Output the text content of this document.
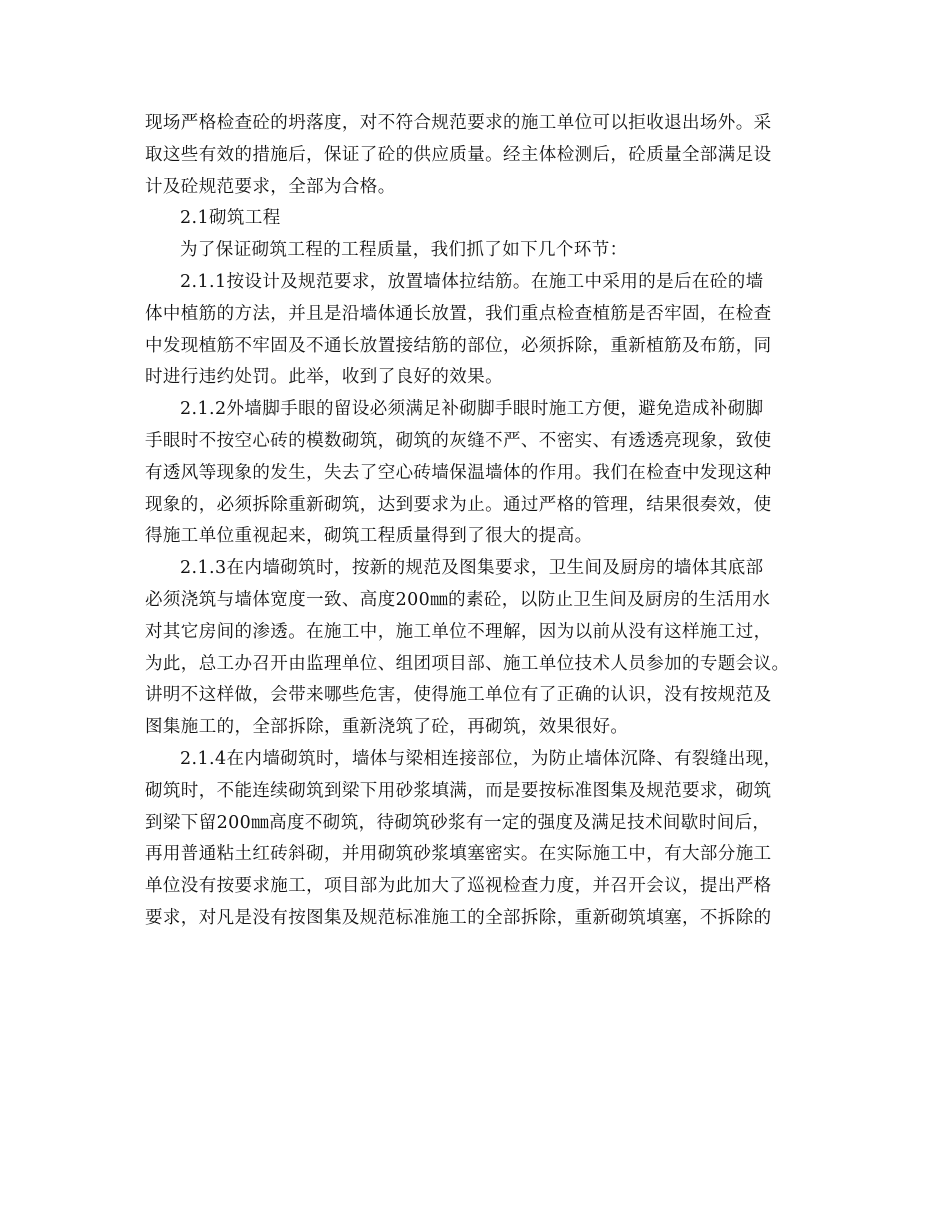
现场严格检查砼的坍落度，对不符合规范要求的施工单位可以拒收退出场外。采
取这些有效的措施后，保证了砼的供应质量。经主体检测后，砼质量全部满足设
计及砼规范要求，全部为合格。
2.1砌筑工程
为了保证砌筑工程的工程质量，我们抓了如下几个环节：
2.1.1按设计及规范要求，放置墙体拉结筋。在施工中采用的是后在砼的墙
体中植筋的方法，并且是沿墙体通长放置，我们重点检查植筋是否牢固，在检查
中发现植筋不牢固及不通长放置接结筋的部位，必须拆除，重新植筋及布筋，同
时进行违约处罚。此举，收到了良好的效果。
2.1.2外墙脚手眼的留设必须满足补砌脚手眼时施工方便，避免造成补砌脚
手眼时不按空心砖的模数砌筑，砌筑的灰缝不严、不密实、有透透亮现象，致使
有透风等现象的发生，失去了空心砖墙保温墙体的作用。我们在检查中发现这种
现象的，必须拆除重新砌筑，达到要求为止。通过严格的管理，结果很奏效，使
得施工单位重视起来，砌筑工程质量得到了很大的提高。
2.1.3在内墙砌筑时，按新的规范及图集要求，卫生间及厨房的墙体其底部
必须浇筑与墙体宽度一致、高度200㎜的素砼，以防止卫生间及厨房的生活用水
对其它房间的渗透。在施工中，施工单位不理解，因为以前从没有这样施工过，
为此，总工办召开由监理单位、组团项目部、施工单位技术人员参加的专题会议。
讲明不这样做，会带来哪些危害，使得施工单位有了正确的认识，没有按规范及
图集施工的，全部拆除，重新浇筑了砼，再砌筑，效果很好。
2.1.4在内墙砌筑时，墙体与梁相连接部位，为防止墙体沉降、有裂缝出现，
砌筑时，不能连续砌筑到梁下用砂浆填满，而是要按标准图集及规范要求，砌筑
到梁下留200㎜高度不砌筑，待砌筑砂浆有一定的强度及满足技术间歇时间后，
再用普通粘土红砖斜砌，并用砌筑砂浆填塞密实。在实际施工中，有大部分施工
单位没有按要求施工，项目部为此加大了巡视检查力度，并召开会议，提出严格
要求，对凡是没有按图集及规范标准施工的全部拆除，重新砌筑填塞，不拆除的
